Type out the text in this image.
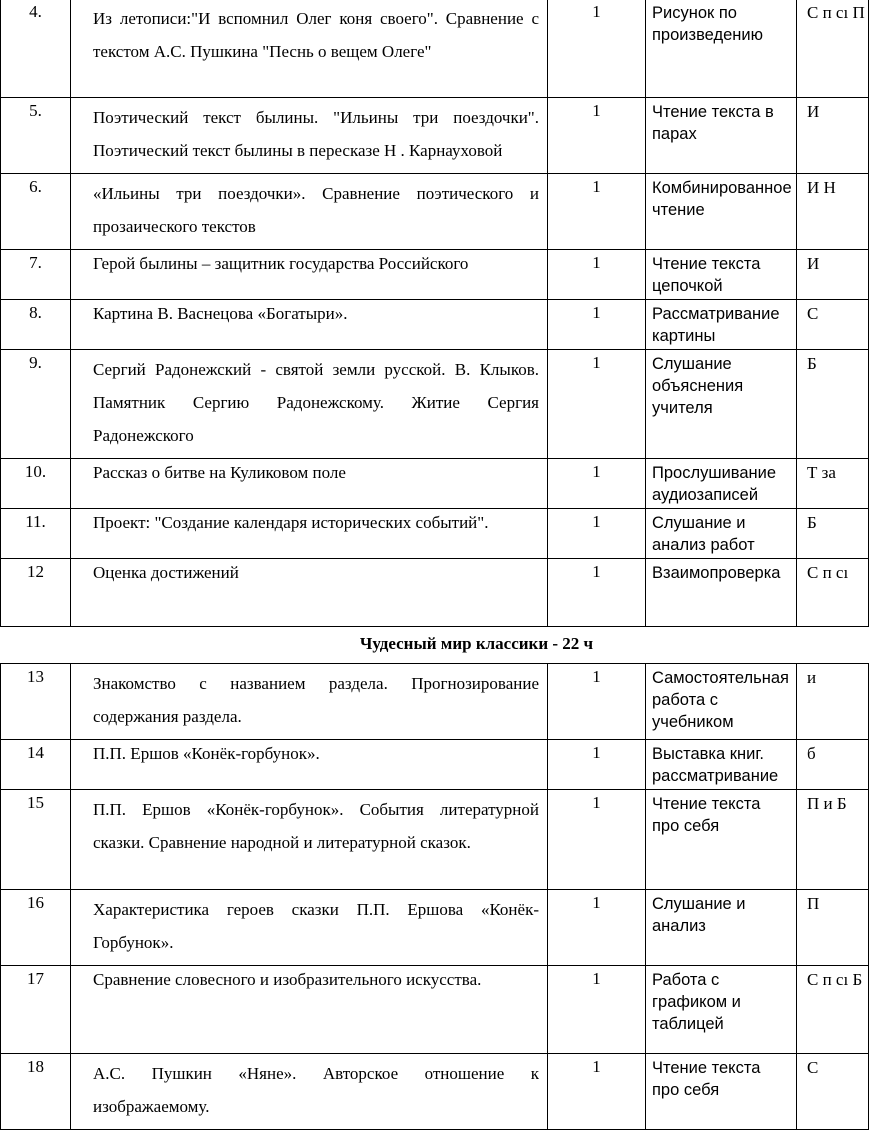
4.	Из летописи:"И вспомнил Олег коня своего". Сравнение с текстом А.С. Пушкина "Песнь о вещем Олеге"	1	Рисунок по произведению	С п сı П
5.	Поэтический текст былины. "Ильины три поездочки". Поэтический текст былины в пересказе Н . Карнауховой	1	Чтение текста в парах	И
6.	«Ильины три поездочки». Сравнение поэтического и прозаического текстов	1	Комбинированное чтение	И Н
7.	Герой былины – защитник государства Российского	1	Чтение текста цепочкой	И
8.	Картина В. Васнецова «Богатыри».	1	Рассматривание картины	С
9.	Сергий Радонежский - святой земли русской. В. Клыков. Памятник Сергию Радонежскому. Житие Сергия Радонежского	1	Слушание объяснения учителя	Б
10.	Рассказ о битве на Куликовом поле	1	Прослушивание аудиозаписей	Т за
11.	Проект: "Создание календаря исторических событий".	1	Слушание и анализ работ	Б
12	Оценка достижений	1	Взаимопроверка	С п сı
Чудесный мир классики - 22 ч				
13	Знакомство с названием раздела. Прогнозирование содержания раздела.	1	Самостоятельная работа с учебником	и
14	П.П. Ершов «Конёк-горбунок».	1	Выставка книг. рассматривание	б
15	П.П. Ершов «Конёк-горбунок». События литературной сказки. Сравнение народной и литературной сказок.	1	Чтение текста про себя	П и Б
16	Характеристика героев сказки П.П. Ершова «Конёк-Горбунок».	1	Слушание и анализ	П
17	Сравнение словесного и изобразительного искусства.	1	Работа с графиком и таблицей	С п сı Б
18	А.С. Пушкин «Няне». Авторское отношение к изображаемому.	1	Чтение текста про себя	С
